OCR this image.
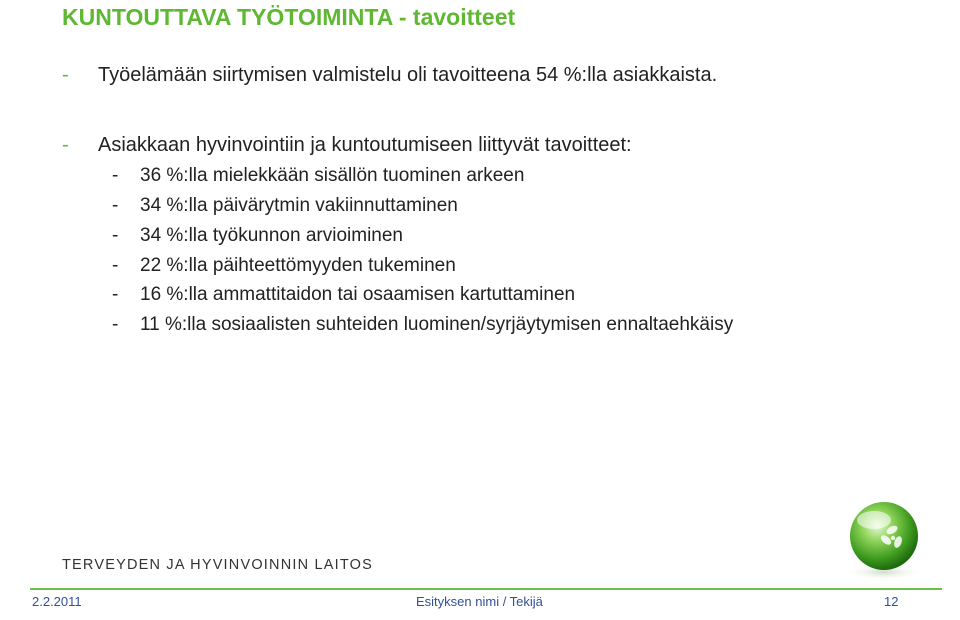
KUNTOUTTAVA TYÖTOIMINTA - tavoitteet
- Työelämään siirtymisen valmistelu oli tavoitteena 54 %:lla asiakkaista.
- Asiakkaan hyvinvointiin ja kuntoutumiseen liittyvät tavoitteet:
- 36 %:lla mielekkään sisällön tuominen arkeen
- 34 %:lla päivärytmin vakiinnuttaminen
- 34 %:lla työkunnon arvioiminen
- 22 %:lla päihteettömyyden tukeminen
- 16 %:lla ammattitaidon tai osaamisen kartuttaminen
- 11 %:lla sosiaalisten suhteiden luominen/syrjäytymisen ennaltaehkäisy
TERVEYDEN JA HYVINVOINNIN LAITOS
2.2.2011	Esityksen nimi / Tekijä	12
